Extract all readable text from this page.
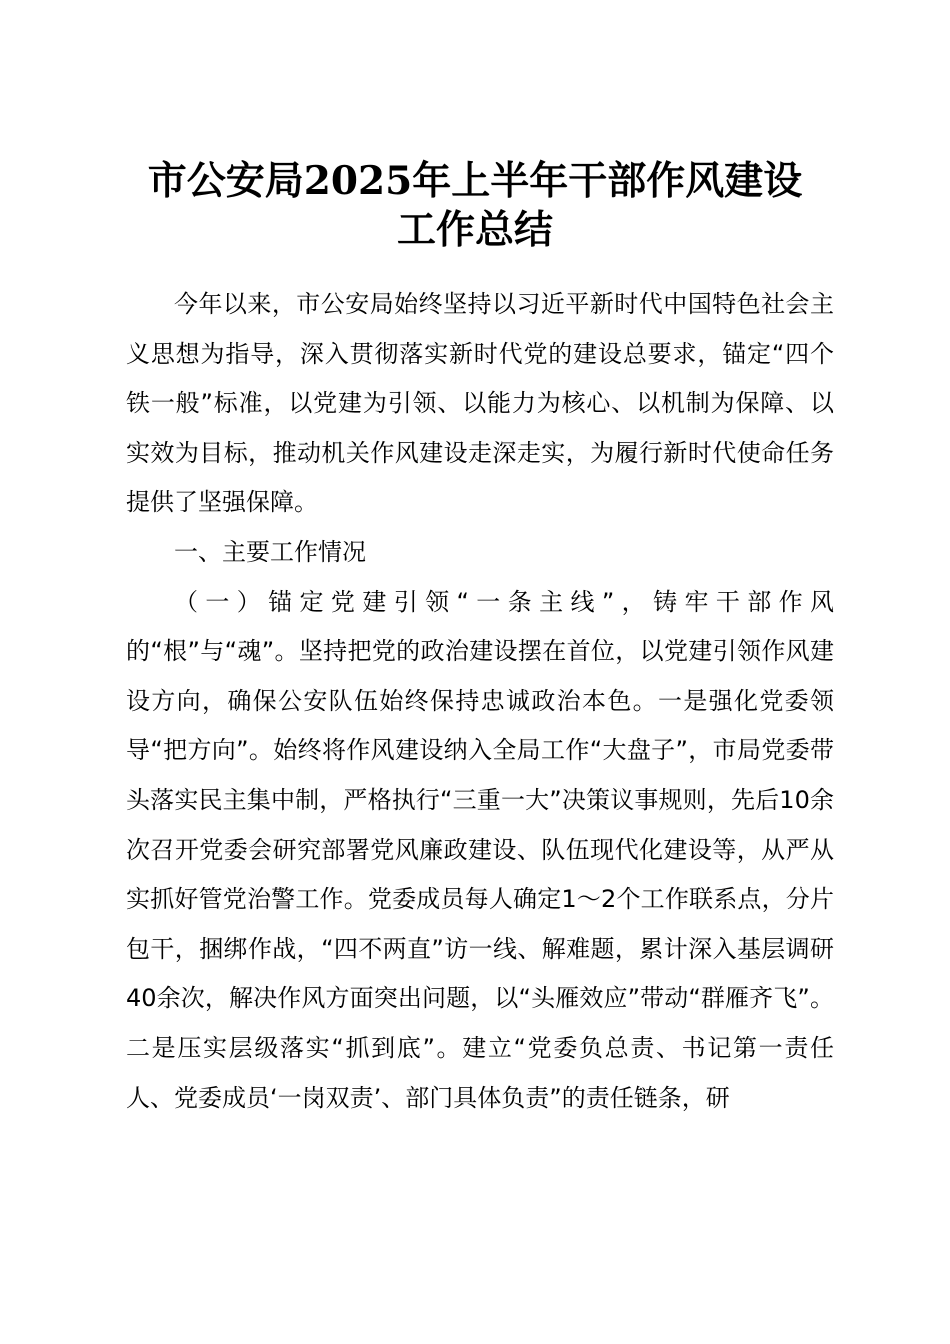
市公安局2025年上半年干部作风建设
工作总结

今年以来，市公安局始终坚持以习近平新时代中国特色社会主义思想为指导，深入贯彻落实新时代党的建设总要求，锚定“四个铁一般”标准，以党建为引领、以能力为核心、以机制为保障、以实效为目标，推动机关作风建设走深走实，为履行新时代使命任务提供了坚强保障。

一、主要工作情况

（一）锚定党建引领“一条主线”，铸牢干部作风的“根”与“魂”。坚持把党的政治建设摆在首位，以党建引领作风建设方向，确保公安队伍始终保持忠诚政治本色。一是强化党委领导“把方向”。始终将作风建设纳入全局工作“大盘子”，市局党委带头落实民主集中制，严格执行“三重一大”决策议事规则，先后10余次召开党委会研究部署党风廉政建设、队伍现代化建设等，从严从实抓好管党治警工作。党委成员每人确定1～2个工作联系点，分片包干，捆绑作战，“四不两直”访一线、解难题，累计深入基层调研40余次，解决作风方面突出问题，以“头雁效应”带动“群雁齐飞”。二是压实层级落实“抓到底”。建立“党委负总责、书记第一责任人、党委成员‘一岗双责’、部门具体负责”的责任链条，研
